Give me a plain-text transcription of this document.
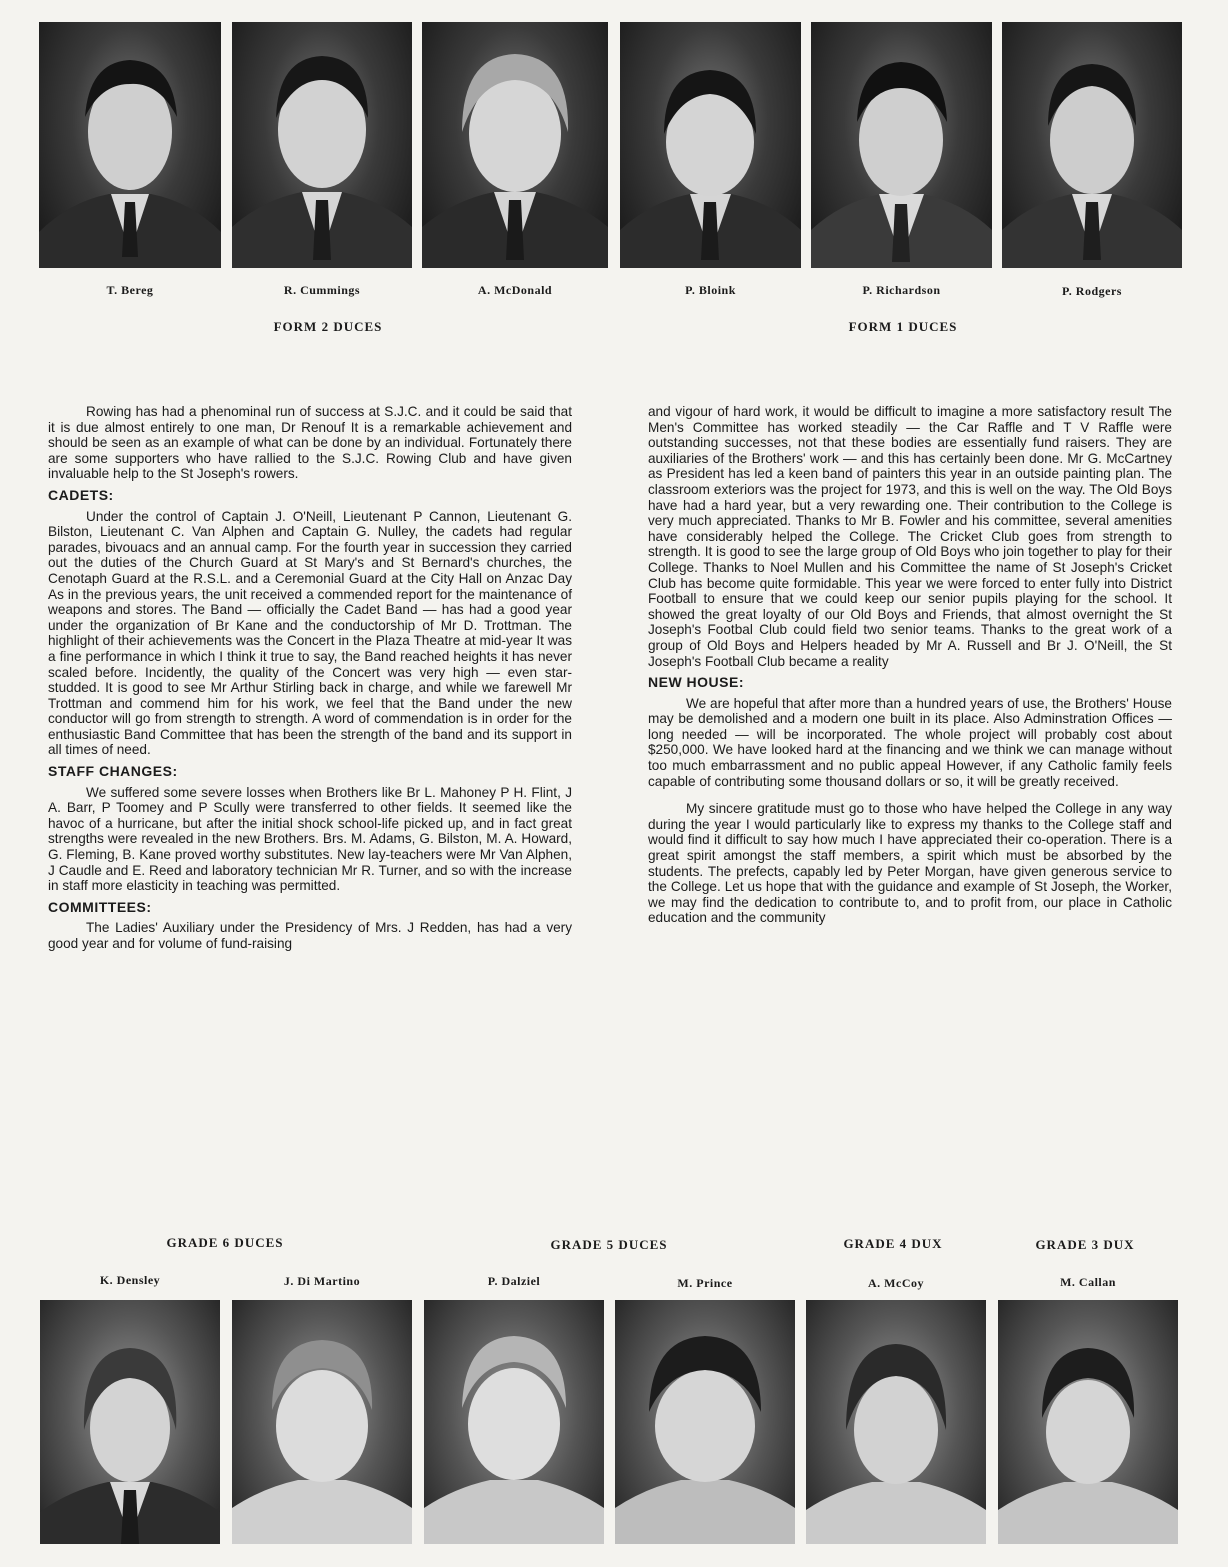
T. Bereg	R. Cummings	A. McDonald	P. Bloink	P. Richardson	P. Rodgers
FORM 2 DUCES	FORM 1 DUCES

Rowing has had a phenominal run of success at S.J.C. and it could be said that it is due almost entirely to one man, Dr Renouf It is a remarkable achievement and should be seen as an example of what can be done by an individual. Fortunately there are some supporters who have rallied to the S.J.C. Rowing Club and have given invaluable help to the St Joseph's rowers.

CADETS:

Under the control of Captain J. O'Neill, Lieutenant P Cannon, Lieutenant G. Bilston, Lieutenant C. Van Alphen and Captain G. Nulley, the cadets had regular parades, bivouacs and an annual camp. For the fourth year in succession they carried out the duties of the Church Guard at St Mary's and St Bernard's churches, the Cenotaph Guard at the R.S.L. and a Ceremonial Guard at the City Hall on Anzac Day As in the previous years, the unit received a commended report for the maintenance of weapons and stores. The Band — officially the Cadet Band — has had a good year under the organization of Br Kane and the conductorship of Mr D. Trottman. The highlight of their achievements was the Concert in the Plaza Theatre at mid-year It was a fine performance in which I think it true to say, the Band reached heights it has never scaled before. Incidently, the quality of the Concert was very high — even star-studded. It is good to see Mr Arthur Stirling back in charge, and while we farewell Mr Trottman and commend him for his work, we feel that the Band under the new conductor will go from strength to strength. A word of commendation is in order for the enthusiastic Band Committee that has been the strength of the band and its support in all times of need.

STAFF CHANGES:

We suffered some severe losses when Brothers like Br L. Mahoney P H. Flint, J A. Barr, P Toomey and P Scully were transferred to other fields. It seemed like the havoc of a hurricane, but after the initial shock school-life picked up, and in fact great strengths were revealed in the new Brothers. Brs. M. Adams, G. Bilston, M. A. Howard, G. Fleming, B. Kane proved worthy substitutes. New lay-teachers were Mr Van Alphen, J Caudle and E. Reed and laboratory technician Mr R. Turner, and so with the increase in staff more elasticity in teaching was permitted.

COMMITTEES:

The Ladies' Auxiliary under the Presidency of Mrs. J Redden, has had a very good year and for volume of fund-raising

and vigour of hard work, it would be difficult to imagine a more satisfactory result The Men's Committee has worked steadily — the Car Raffle and T V Raffle were outstanding successes, not that these bodies are essentially fund raisers. They are auxiliaries of the Brothers' work — and this has certainly been done. Mr G. McCartney as President has led a keen band of painters this year in an outside painting plan. The classroom exteriors was the project for 1973, and this is well on the way. The Old Boys have had a hard year, but a very rewarding one. Their contribution to the College is very much appreciated. Thanks to Mr B. Fowler and his committee, several amenities have considerably helped the College. The Cricket Club goes from strength to strength. It is good to see the large group of Old Boys who join together to play for their College. Thanks to Noel Mullen and his Committee the name of St Joseph's Cricket Club has become quite formidable. This year we were forced to enter fully into District Football to ensure that we could keep our senior pupils playing for the school. It showed the great loyalty of our Old Boys and Friends, that almost overnight the St Joseph's Footbal Club could field two senior teams. Thanks to the great work of a group of Old Boys and Helpers headed by Mr A. Russell and Br J. O'Neill, the St Joseph's Football Club became a reality

NEW HOUSE:

We are hopeful that after more than a hundred years of use, the Brothers' House may be demolished and a modern one built in its place. Also Adminstration Offices — long needed — will be incorporated. The whole project will probably cost about $250,000. We have looked hard at the financing and we think we can manage without too much embarrassment and no public appeal However, if any Catholic family feels capable of contributing some thousand dollars or so, it will be greatly received.

My sincere gratitude must go to those who have helped the College in any way during the year I would particularly like to express my thanks to the College staff and would find it difficult to say how much I have appreciated their co-operation. There is a great spirit amongst the staff members, a spirit which must be absorbed by the students. The prefects, capably led by Peter Morgan, have given generous service to the College. Let us hope that with the guidance and example of St Joseph, the Worker, we may find the dedication to contribute to, and to profit from, our place in Catholic education and the community

GRADE 6 DUCES	GRADE 5 DUCES	GRADE 4 DUX	GRADE 3 DUX
K. Densley	J. Di Martino	P. Dalziel	M. Prince	A. McCoy	M. Callan
